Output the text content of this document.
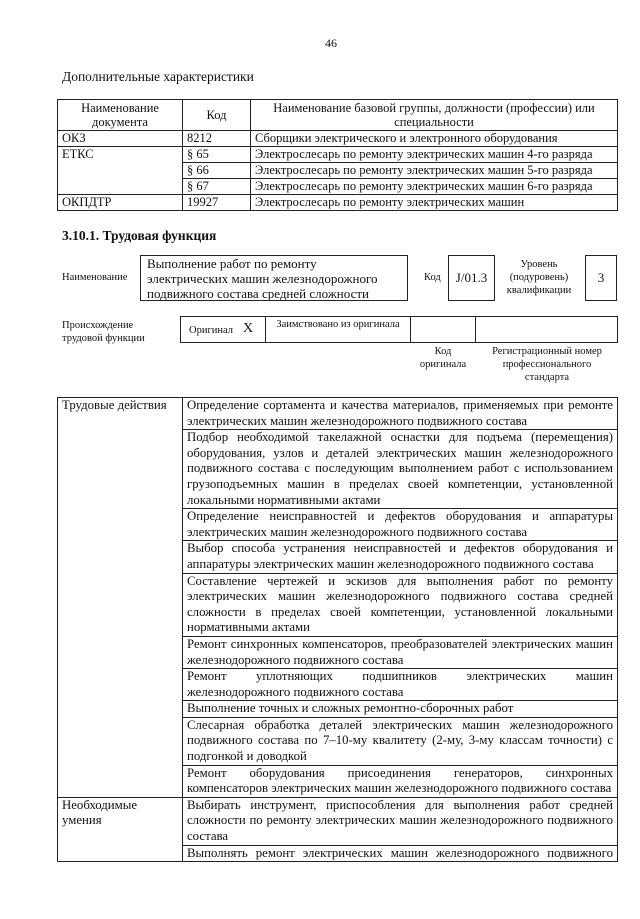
46
Дополнительные характеристики
Наименование документа	Код	Наименование базовой группы, должности (профессии) или специальности
ОКЗ	8212	Сборщики электрического и электронного оборудования
ЕТКС	§ 65	Электрослесарь по ремонту электрических машин 4-го разряда
	§ 66	Электрослесарь по ремонту электрических машин 5-го разряда
	§ 67	Электрослесарь по ремонту электрических машин 6-го разряда
ОКПДТР	19927	Электрослесарь по ремонту электрических машин
3.10.1. Трудовая функция
Наименование
Выполнение работ по ремонту электрических машин железнодорожного подвижного состава средней сложности
Код	J/01.3
Уровень (подуровень) квалификации
3
Происхождение трудовой функции
Оригинал X	Заимствовано из оригинала
Код оригинала
Регистрационный номер профессионального стандарта
Трудовые действия	Определение сортамента и качества материалов, применяемых при ремонте электрических машин железнодорожного подвижного состава
	Подбор необходимой такелажной оснастки для подъема (перемещения) оборудования, узлов и деталей электрических машин железнодорожного подвижного состава с последующим выполнением работ с использованием грузоподъемных машин в пределах своей компетенции, установленной локальными нормативными актами
	Определение неисправностей и дефектов оборудования и аппаратуры электрических машин железнодорожного подвижного состава
	Выбор способа устранения неисправностей и дефектов оборудования и аппаратуры электрических машин железнодорожного подвижного состава
	Составление чертежей и эскизов для выполнения работ по ремонту электрических машин железнодорожного подвижного состава средней сложности в пределах своей компетенции, установленной локальными нормативными актами
	Ремонт синхронных компенсаторов, преобразователей электрических машин железнодорожного подвижного состава
	Ремонт уплотняющих подшипников электрических машин железнодорожного подвижного состава
	Выполнение точных и сложных ремонтно-сборочных работ
	Слесарная обработка деталей электрических машин железнодорожного подвижного состава по 7–10-му квалитету (2-му, 3-му классам точности) с подгонкой и доводкой
	Ремонт оборудования присоединения генераторов, синхронных компенсаторов электрических машин железнодорожного подвижного состава
Необходимые умения	Выбирать инструмент, приспособления для выполнения работ средней сложности по ремонту электрических машин железнодорожного подвижного состава
	Выполнять ремонт электрических машин железнодорожного подвижного
